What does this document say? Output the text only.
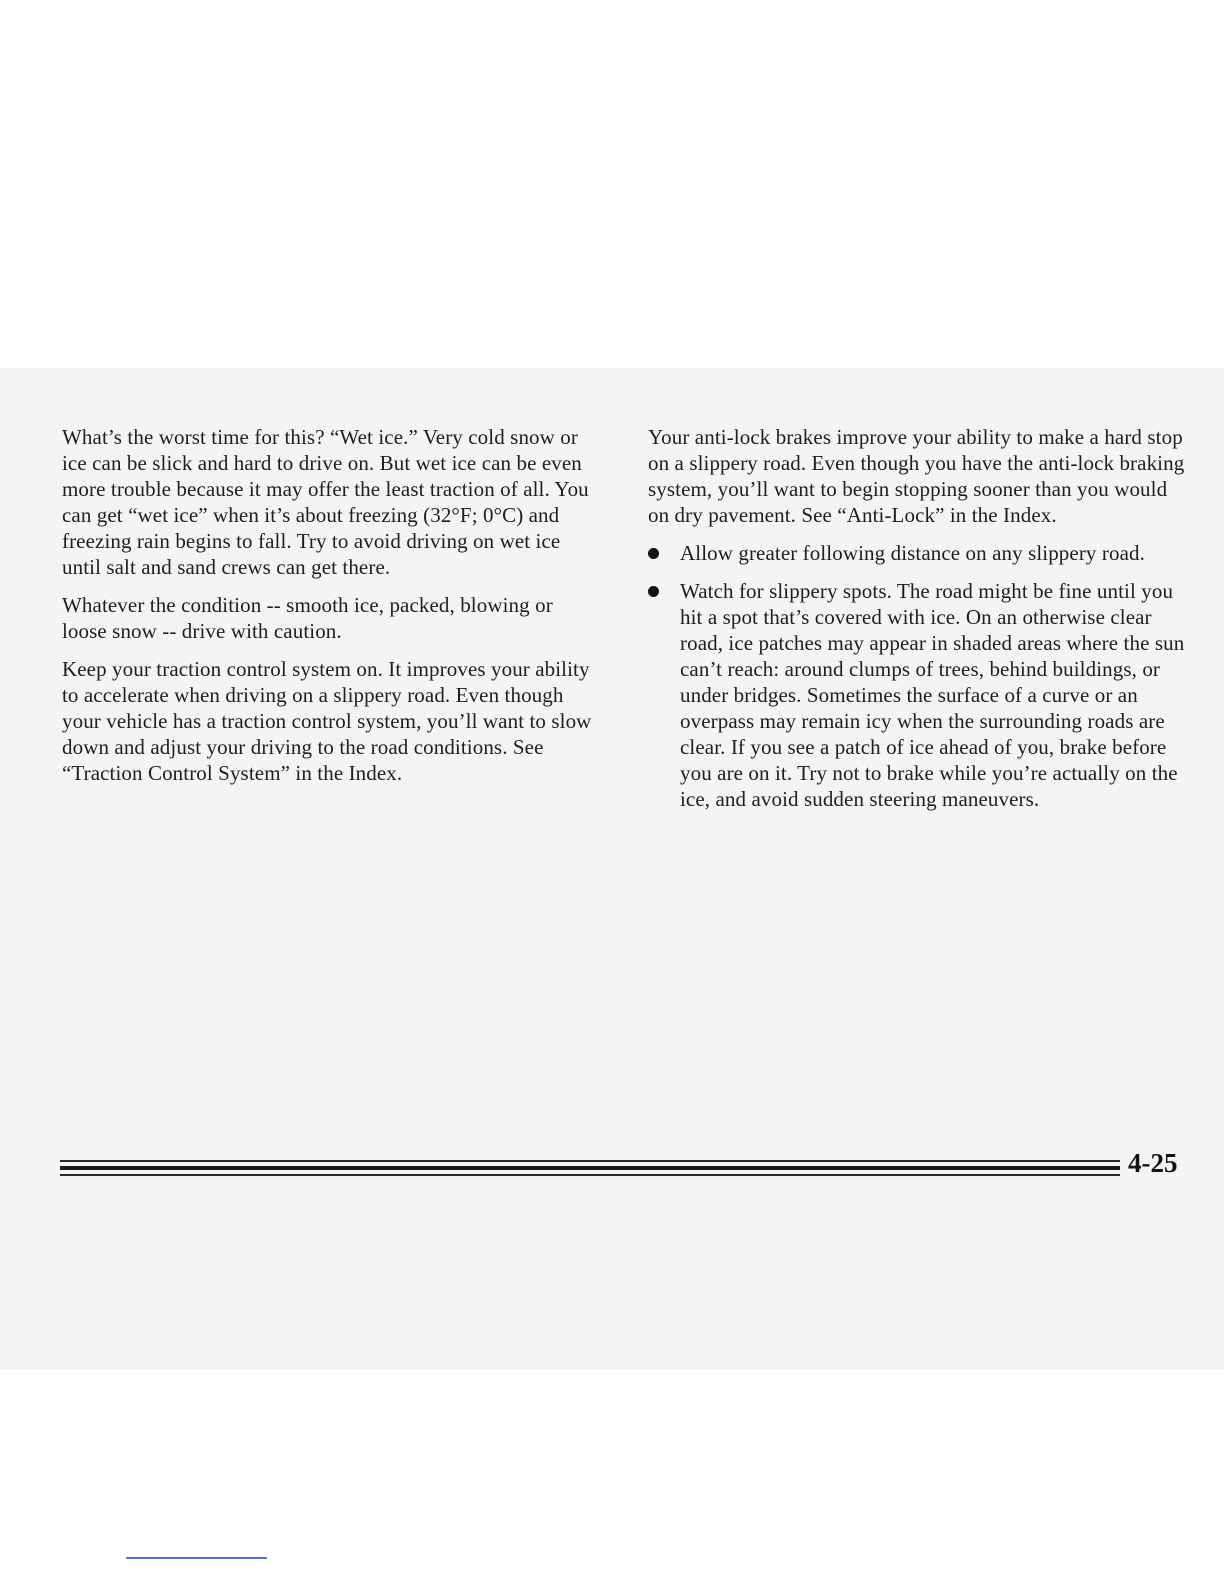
What’s the worst time for this? “Wet ice.” Very cold snow or ice can be slick and hard to drive on. But wet ice can be even more trouble because it may offer the least traction of all. You can get “wet ice” when it’s about freezing (32°F; 0°C) and freezing rain begins to fall. Try to avoid driving on wet ice until salt and sand crews can get there.

Whatever the condition -- smooth ice, packed, blowing or loose snow -- drive with caution.

Keep your traction control system on. It improves your ability to accelerate when driving on a slippery road. Even though your vehicle has a traction control system, you’ll want to slow down and adjust your driving to the road conditions. See “Traction Control System” in the Index.

Your anti-lock brakes improve your ability to make a hard stop on a slippery road. Even though you have the anti-lock braking system, you’ll want to begin stopping sooner than you would on dry pavement. See “Anti-Lock” in the Index.

Allow greater following distance on any slippery road.
Watch for slippery spots. The road might be fine until you hit a spot that’s covered with ice. On an otherwise clear road, ice patches may appear in shaded areas where the sun can’t reach: around clumps of trees, behind buildings, or under bridges. Sometimes the surface of a curve or an overpass may remain icy when the surrounding roads are clear. If you see a patch of ice ahead of you, brake before you are on it. Try not to brake while you’re actually on the ice, and avoid sudden steering maneuvers.
4-25
